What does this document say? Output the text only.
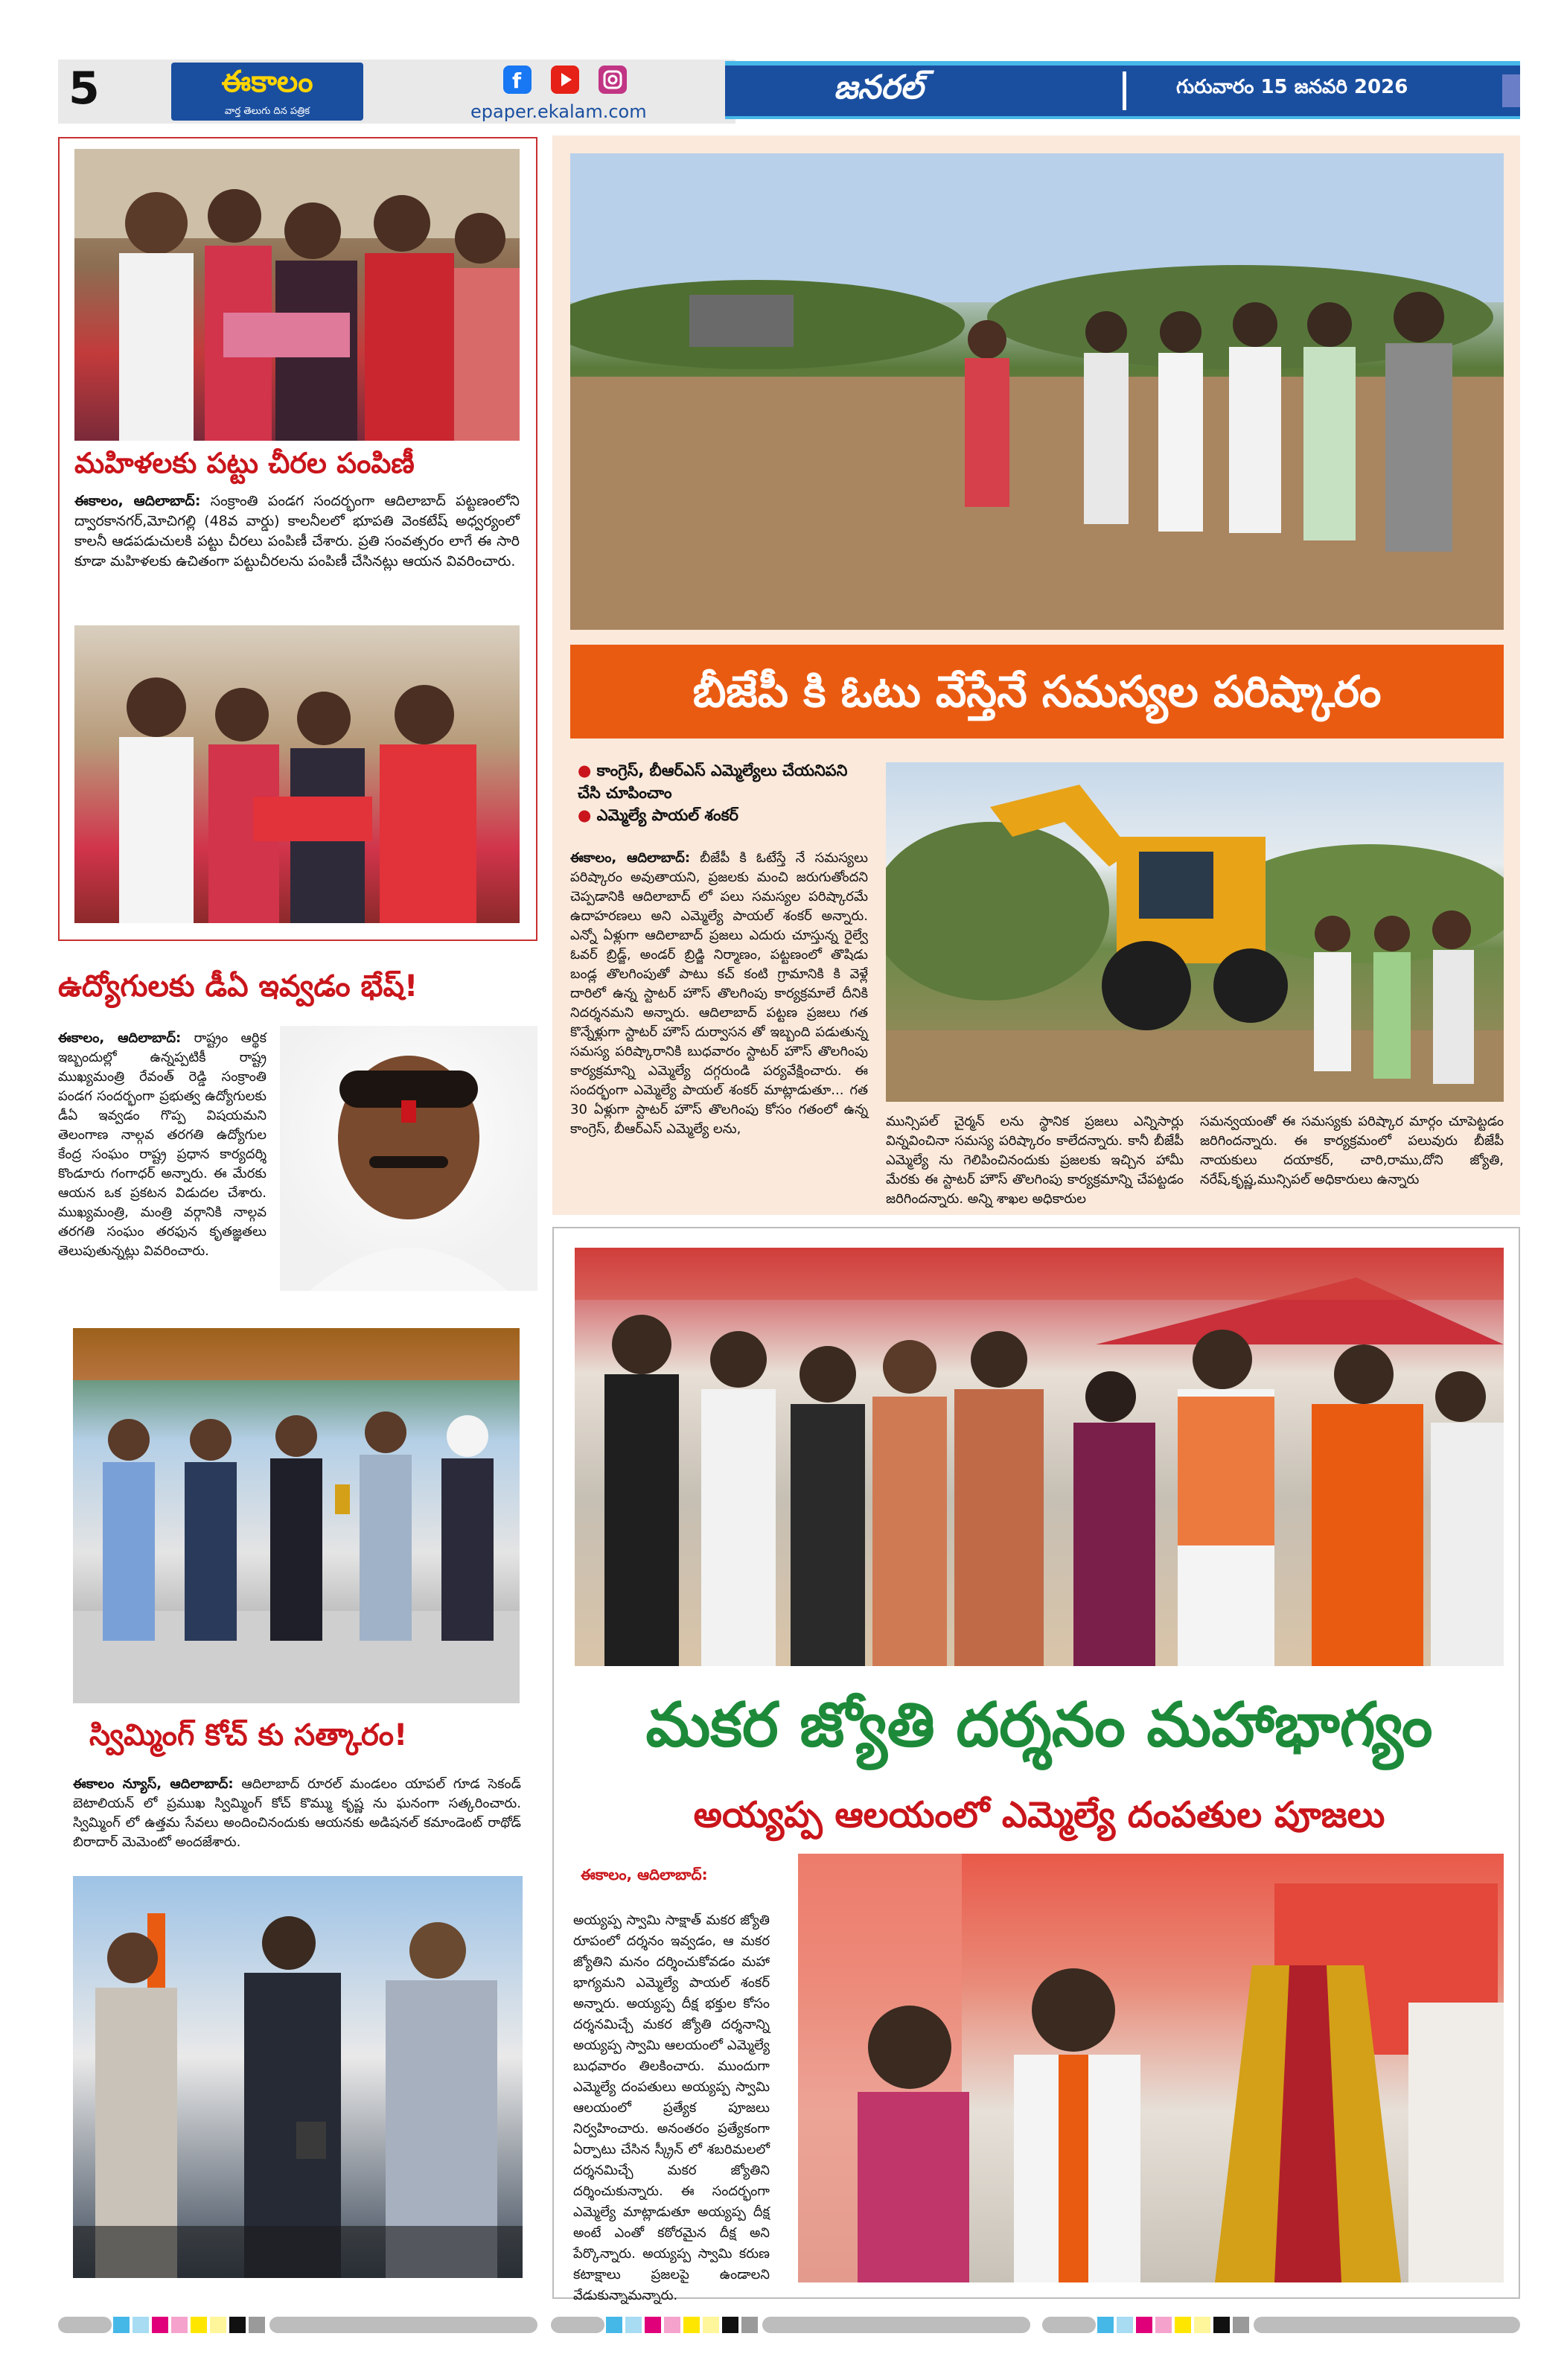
5	ఈకాలం
వార్త తెలుగు దిన పత్రిక
f
epaper.ekalam.com
జనరల్	గురువారం 15 జనవరి 2026
మహిళలకు పట్టు చీరల పంపిణీ
ఈకాలం, ఆదిలాబాద్: సంక్రాంతి పండగ సందర్భంగా ఆదిలాబాద్ పట్టణంలోని ద్వారకానగర్,మోచిగల్లి (48వ వార్డు) కాలనీలలో భూపతి వెంకటేష్ అధ్వర్యంలో కాలనీ ఆడపడుచులకి పట్టు చీరలు పంపిణీ చేశారు. ప్రతి సంవత్సరం లాగే ఈ సారి కూడా మహిళలకు ఉచితంగా పట్టుచీరలను పంపిణీ చేసినట్లు ఆయన వివరించారు.
ఉద్యోగులకు డీఏ ఇవ్వడం భేష్!
ఈకాలం, ఆదిలాబాద్: రాష్ట్రం ఆర్థిక ఇబ్బందుల్లో ఉన్నప్పటికీ రాష్ట్ర ముఖ్యమంత్రి రేవంత్ రెడ్డి సంక్రాంతి పండగ సందర్భంగా ప్రభుత్వ ఉద్యోగులకు డీఏ ఇవ్వడం గొప్ప విషయమని తెలంగాణ నాల్గవ తరగతి ఉద్యోగుల కేంద్ర సంఘం రాష్ట్ర ప్రధాన కార్యదర్శి కొండూరు గంగాధర్ అన్నారు. ఈ మేరకు ఆయన ఒక ప్రకటన విడుదల చేశారు. ముఖ్యమంత్రి, మంత్రి వర్గానికి నాల్గవ తరగతి సంఘం తరఫున కృతజ్ఞతలు తెలుపుతున్నట్లు వివరించారు.
స్విమ్మింగ్ కోచ్ కు సత్కారం!
ఈకాలం న్యూస్, ఆదిలాబాద్: ఆదిలాబాద్ రూరల్ మండలం యాపల్ గూడ సెకండ్ బెటాలియన్ లో ప్రముఖ స్విమ్మింగ్ కోచ్ కొమ్ము కృష్ణ ను ఘనంగా సత్కరించారు. స్విమ్మింగ్ లో ఉత్తమ సేవలు అందించినందుకు ఆయనకు అడిషనల్ కమాండెంట్ రాథోడ్ బిరాదార్ మెమెంటో అందజేశారు.
బీజేపీ కి ఓటు వేస్తేనే సమస్యల పరిష్కారం
● కాంగ్రెస్, బీఆర్ఎస్ ఎమ్మెల్యేలు చేయనిపని చేసి చూపించాం
● ఎమ్మెల్యే పాయల్ శంకర్
ఈకాలం, ఆదిలాబాద్: బీజేపీ కి ఓటేస్తే నే సమస్యలు పరిష్కారం అవుతాయని, ప్రజలకు మంచి జరుగుతోందని చెప్పడానికి ఆదిలాబాద్ లో పలు సమస్యల పరిష్కారమే ఉదాహరణలు అని ఎమ్మెల్యే పాయల్ శంకర్ అన్నారు. ఎన్నో ఏళ్లుగా ఆదిలాబాద్ ప్రజలు ఎదురు చూస్తున్న రైల్వే ఓవర్ బ్రిడ్జ్, అండర్ బ్రిడ్జి నిర్మాణం, పట్టణంలో తొషిడు బండ్ల తొలగింపుతో పాటు కచ్ కంటి గ్రామానికి కి వెళ్లే దారిలో ఉన్న స్టాటర్ హౌస్ తొలగింపు కార్యక్రమాలే దీనికి నిదర్శనమని అన్నారు. ఆదిలాబాద్ పట్టణ ప్రజలు గత కొన్నేళ్లుగా స్టాటర్ హౌస్ దుర్వాసన తో ఇబ్బంది పడుతున్న సమస్య పరిష్కారానికి బుధవారం స్టాటర్ హౌస్ తొలగింపు కార్యక్రమాన్ని ఎమ్మెల్యే దగ్గరుండి పర్యవేక్షించారు. ఈ సందర్భంగా ఎమ్మెల్యే పాయల్ శంకర్ మాట్లాడుతూ... గత 30 ఏళ్లుగా స్టాటర్ హౌస్ తొలగింపు కోసం గతంలో ఉన్న కాంగ్రెస్, బీఆర్ఎస్ ఎమ్మెల్యే లను,	మున్సిపల్ చైర్మన్ లను స్థానిక ప్రజలు ఎన్నిసార్లు విన్నవించినా సమస్య పరిష్కారం కాలేదన్నారు. కానీ బీజేపీ ఎమ్మెల్యే ను గెలిపించినందుకు ప్రజలకు ఇచ్చిన హామీ మేరకు ఈ స్టాటర్ హౌస్ తొలగింపు కార్యక్రమాన్ని చేపట్టడం జరిగిందన్నారు. అన్ని శాఖల అధికారుల
సమన్వయంతో ఈ సమస్యకు పరిష్కార మార్గం చూపెట్టడం జరిగిందన్నారు. ఈ కార్యక్రమంలో పలువురు బీజేపీ నాయకులు దయాకర్, చారి,రాము,దోని జ్యోతి, నరేష్,కృష్ణ,మున్సిపల్ అధికారులు ఉన్నారు
మకర జ్యోతి దర్శనం మహాభాగ్యం
అయ్యప్ప ఆలయంలో ఎమ్మెల్యే దంపతుల పూజలు
ఈకాలం, ఆదిలాబాద్:
అయ్యప్ప స్వామి సాక్షాత్ మకర జ్యోతి రూపంలో దర్శనం ఇవ్వడం, ఆ మకర జ్యోతిని మనం దర్శించుకోవడం మహా భాగ్యమని ఎమ్మెల్యే పాయల్ శంకర్ అన్నారు. అయ్యప్ప దీక్ష భక్తుల కోసం దర్శనమిచ్చే మకర జ్యోతి దర్శనాన్ని అయ్యప్ప స్వామి ఆలయంలో ఎమ్మెల్యే బుధవారం తిలకించారు. ముందుగా ఎమ్మెల్యే దంపతులు అయ్యప్ప స్వామి ఆలయంలో ప్రత్యేక పూజలు నిర్వహించారు. అనంతరం ప్రత్యేకంగా ఏర్పాటు చేసిన స్క్రీన్ లో శబరిమలలో దర్శనమిచ్చే మకర జ్యోతిని దర్శించుకున్నారు. ఈ సందర్భంగా ఎమ్మెల్యే మాట్లాడుతూ అయ్యప్ప దీక్ష అంటే ఎంతో కఠోరమైన దీక్ష అని పేర్కొన్నారు. అయ్యప్ప స్వామి కరుణ కటాక్షాలు ప్రజలపై ఉండాలని వేడుకున్నామన్నారు.
